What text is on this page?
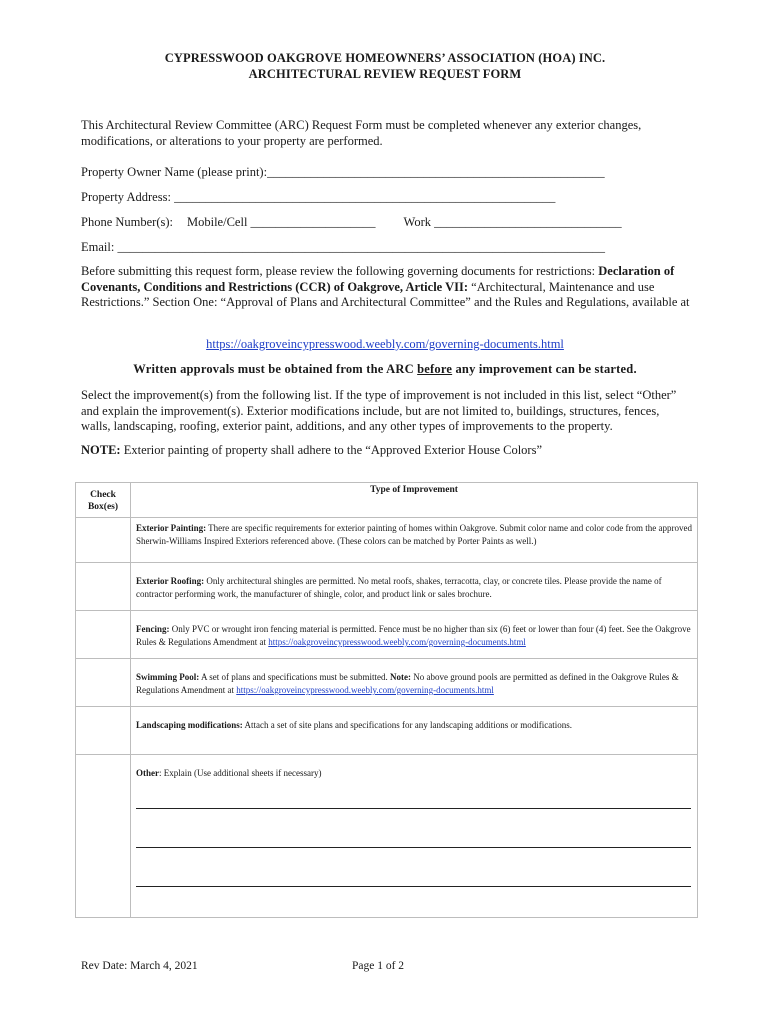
CYPRESSWOOD OAKGROVE HOMEOWNERS’ ASSOCIATION (HOA) INC.
ARCHITECTURAL REVIEW REQUEST FORM
This Architectural Review Committee (ARC) Request Form must be completed whenever any exterior changes, modifications, or alterations to your property are performed.
Property Owner Name (please print):______________________________________________________
Property Address: _____________________________________________________________
Phone Number(s): Mobile/Cell ____________________ Work ______________________________
Email: ______________________________________________________________________________
Before submitting this request form, please review the following governing documents for restrictions: Declaration of Covenants, Conditions and Restrictions (CCR) of Oakgrove, Article VII: “Architectural, Maintenance and use Restrictions.” Section One: “Approval of Plans and Architectural Committee” and the Rules and Regulations, available at
https://oakgroveincypresswood.weebly.com/governing-documents.html
Written approvals must be obtained from the ARC before any improvement can be started.
Select the improvement(s) from the following list. If the type of improvement is not included in this list, select “Other” and explain the improvement(s). Exterior modifications include, but are not limited to, buildings, structures, fences, walls, landscaping, roofing, exterior paint, additions, and any other types of improvements to the property.
NOTE: Exterior painting of property shall adhere to the “Approved Exterior House Colors”
Check
Box(es)	Type of Improvement
	Exterior Painting: There are specific requirements for exterior painting of homes within Oakgrove. Submit color name and color code from the approved Sherwin-Williams Inspired Exteriors referenced above. (These colors can be matched by Porter Paints as well.)

	Exterior Roofing: Only architectural shingles are permitted. No metal roofs, shakes, terracotta, clay, or concrete tiles. Please provide the name of contractor performing work, the manufacturer of shingle, color, and product link or sales brochure.

	Fencing: Only PVC or wrought iron fencing material is permitted. Fence must be no higher than six (6) feet or lower than four (4) feet. See the Oakgrove Rules & Regulations Amendment at https://oakgroveincypresswood.weebly.com/governing-documents.html

	Swimming Pool: A set of plans and specifications must be submitted. Note: No above ground pools are permitted as defined in the Oakgrove Rules & Regulations Amendment at https://oakgroveincypresswood.weebly.com/governing-documents.html

	Landscaping modifications: Attach a set of site plans and specifications for any landscaping additions or modifications.

	Other: Explain (Use additional sheets if necessary)
Rev Date: March 4, 2021	Page 1 of 2
